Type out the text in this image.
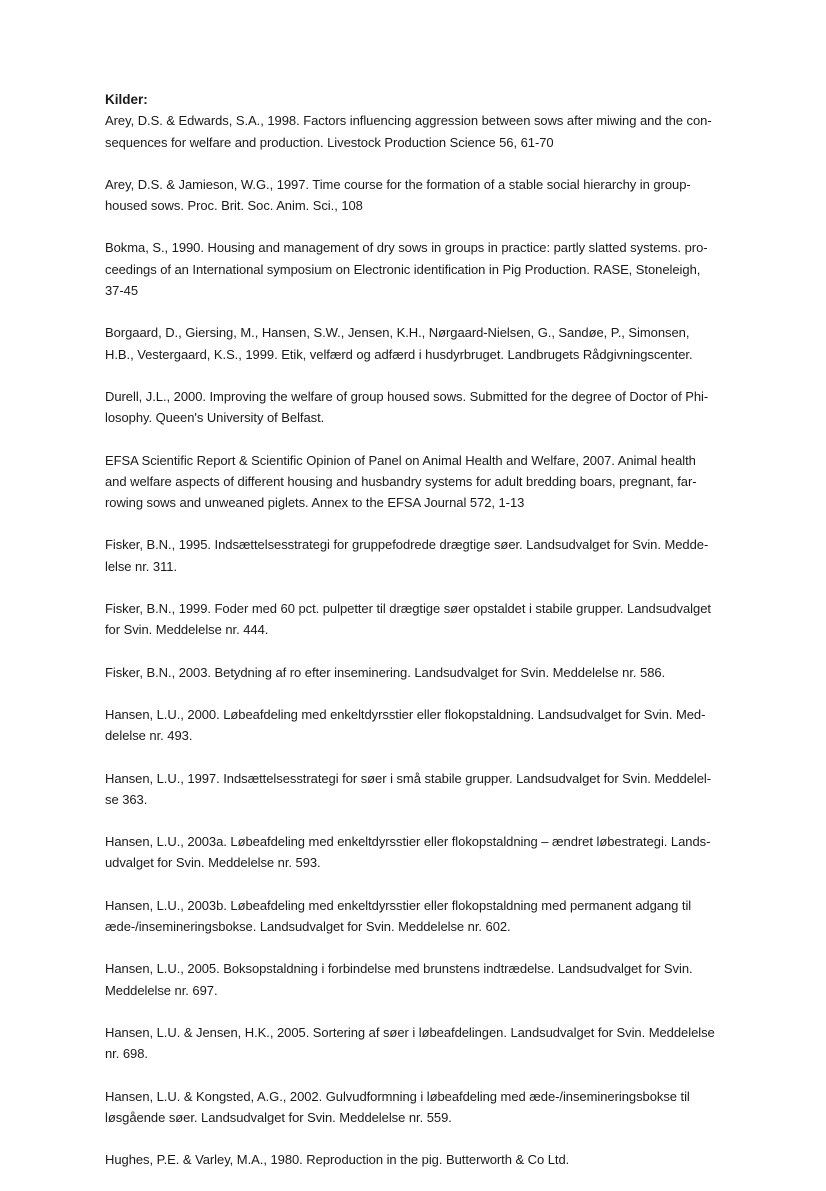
Kilder:
Arey, D.S. & Edwards, S.A., 1998. Factors influencing aggression between sows after miwing and the con-
sequences for welfare and production. Livestock Production Science 56, 61-70
Arey, D.S. & Jamieson, W.G., 1997. Time course for the formation of a stable social hierarchy in group-
housed sows. Proc. Brit. Soc. Anim. Sci., 108
Bokma, S., 1990. Housing and management of dry sows in groups in practice: partly slatted systems. pro-
ceedings of an International symposium on Electronic identification in Pig Production. RASE, Stoneleigh,
37-45
Borgaard, D., Giersing, M., Hansen, S.W., Jensen, K.H., Nørgaard-Nielsen, G., Sandøe, P., Simonsen,
H.B., Vestergaard, K.S., 1999. Etik, velfærd og adfærd i husdyrbruget. Landbrugets Rådgivningscenter.
Durell, J.L., 2000. Improving the welfare of group housed sows. Submitted for the degree of Doctor of Phi-
losophy. Queen's University of Belfast.
EFSA Scientific Report & Scientific Opinion of Panel on Animal Health and Welfare, 2007. Animal health
and welfare aspects of different housing and husbandry systems for adult bredding boars, pregnant, far-
rowing sows and unweaned piglets. Annex to the EFSA Journal 572, 1-13
Fisker, B.N., 1995. Indsættelsesstrategi for gruppefodrede drægtige søer. Landsudvalget for Svin. Medde-
lelse nr. 311.
Fisker, B.N., 1999. Foder med 60 pct. pulpetter til drægtige søer opstaldet i stabile grupper. Landsudvalget
for Svin. Meddelelse nr. 444.
Fisker, B.N., 2003. Betydning af ro efter inseminering. Landsudvalget for Svin. Meddelelse nr. 586.
Hansen, L.U., 2000. Løbeafdeling med enkeltdyrsstier eller flokopstaldning. Landsudvalget for Svin. Med-
delelse nr. 493.
Hansen, L.U., 1997. Indsættelsesstrategi for søer i små stabile grupper. Landsudvalget for Svin. Meddelel-
se 363.
Hansen, L.U., 2003a. Løbeafdeling med enkeltdyrsstier eller flokopstaldning – ændret løbestrategi. Lands-
udvalget for Svin. Meddelelse nr. 593.
Hansen, L.U., 2003b. Løbeafdeling med enkeltdyrsstier eller flokopstaldning med permanent adgang til
æde-/insemineringsbokse. Landsudvalget for Svin. Meddelelse nr. 602.
Hansen, L.U., 2005. Boksopstaldning i forbindelse med brunstens indtrædelse. Landsudvalget for Svin.
Meddelelse nr. 697.
Hansen, L.U. & Jensen, H.K., 2005. Sortering af søer i løbeafdelingen. Landsudvalget for Svin. Meddelelse
nr. 698.
Hansen, L.U. & Kongsted, A.G., 2002. Gulvudformning i løbeafdeling med æde-/insemineringsbokse til
løsgående søer. Landsudvalget for Svin. Meddelelse nr. 559.
Hughes, P.E. & Varley, M.A., 1980. Reproduction in the pig. Butterworth & Co Ltd.
